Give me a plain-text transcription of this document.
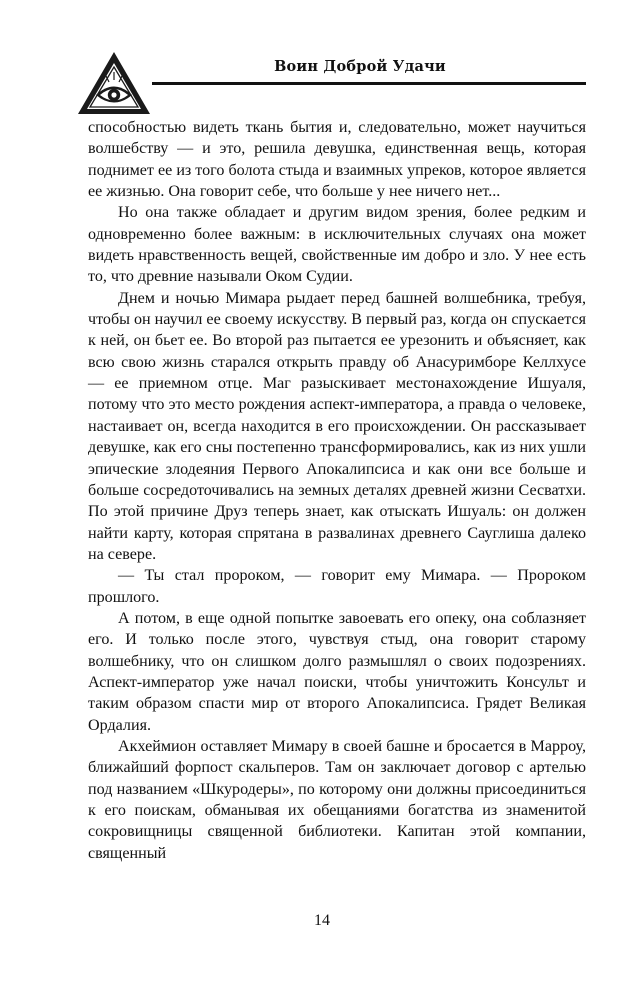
Воин Доброй Удачи

способностью видеть ткань бытия и, следовательно, может научиться волшебству — и это, решила девушка, единственная вещь, которая поднимет ее из того болота стыда и взаимных упреков, которое является ее жизнью. Она говорит себе, что больше у нее ничего нет...

Но она также обладает и другим видом зрения, более редким и одновременно более важным: в исключительных случаях она может видеть нравственность вещей, свойственные им добро и зло. У нее есть то, что древние называли Оком Судии.

Днем и ночью Мимара рыдает перед башней волшебника, требуя, чтобы он научил ее своему искусству. В первый раз, когда он спускается к ней, он бьет ее. Во второй раз пытается ее урезонить и объясняет, как всю свою жизнь старался открыть правду об Анасуримборе Келлхусе — ее приемном отце. Маг разыскивает местонахождение Ишуаля, потому что это место рождения аспект-императора, а правда о человеке, настаивает он, всегда находится в его происхождении. Он рассказывает девушке, как его сны постепенно трансформировались, как из них ушли эпические злодеяния Первого Апокалипсиса и как они все больше и больше сосредоточивались на земных деталях древней жизни Сесватхи. По этой причине Друз теперь знает, как отыскать Ишуаль: он должен найти карту, которая спрятана в развалинах древнего Сауглиша далеко на севере.

— Ты стал пророком, — говорит ему Мимара. — Пророком прошлого.

А потом, в еще одной попытке завоевать его опеку, она соблазняет его. И только после этого, чувствуя стыд, она говорит старому волшебнику, что он слишком долго размышлял о своих подозрениях. Аспект-император уже начал поиски, чтобы уничтожить Консульт и таким образом спасти мир от второго Апокалипсиса. Грядет Великая Ордалия.

Акхеймион оставляет Мимару в своей башне и бросается в Марроу, ближайший форпост скальперов. Там он заключает договор с артелью под названием «Шкуродеры», по которому они должны присоединиться к его поискам, обманывая их обещаниями богатства из знаменитой сокровищницы священной библиотеки. Капитан этой компании, священный

14
